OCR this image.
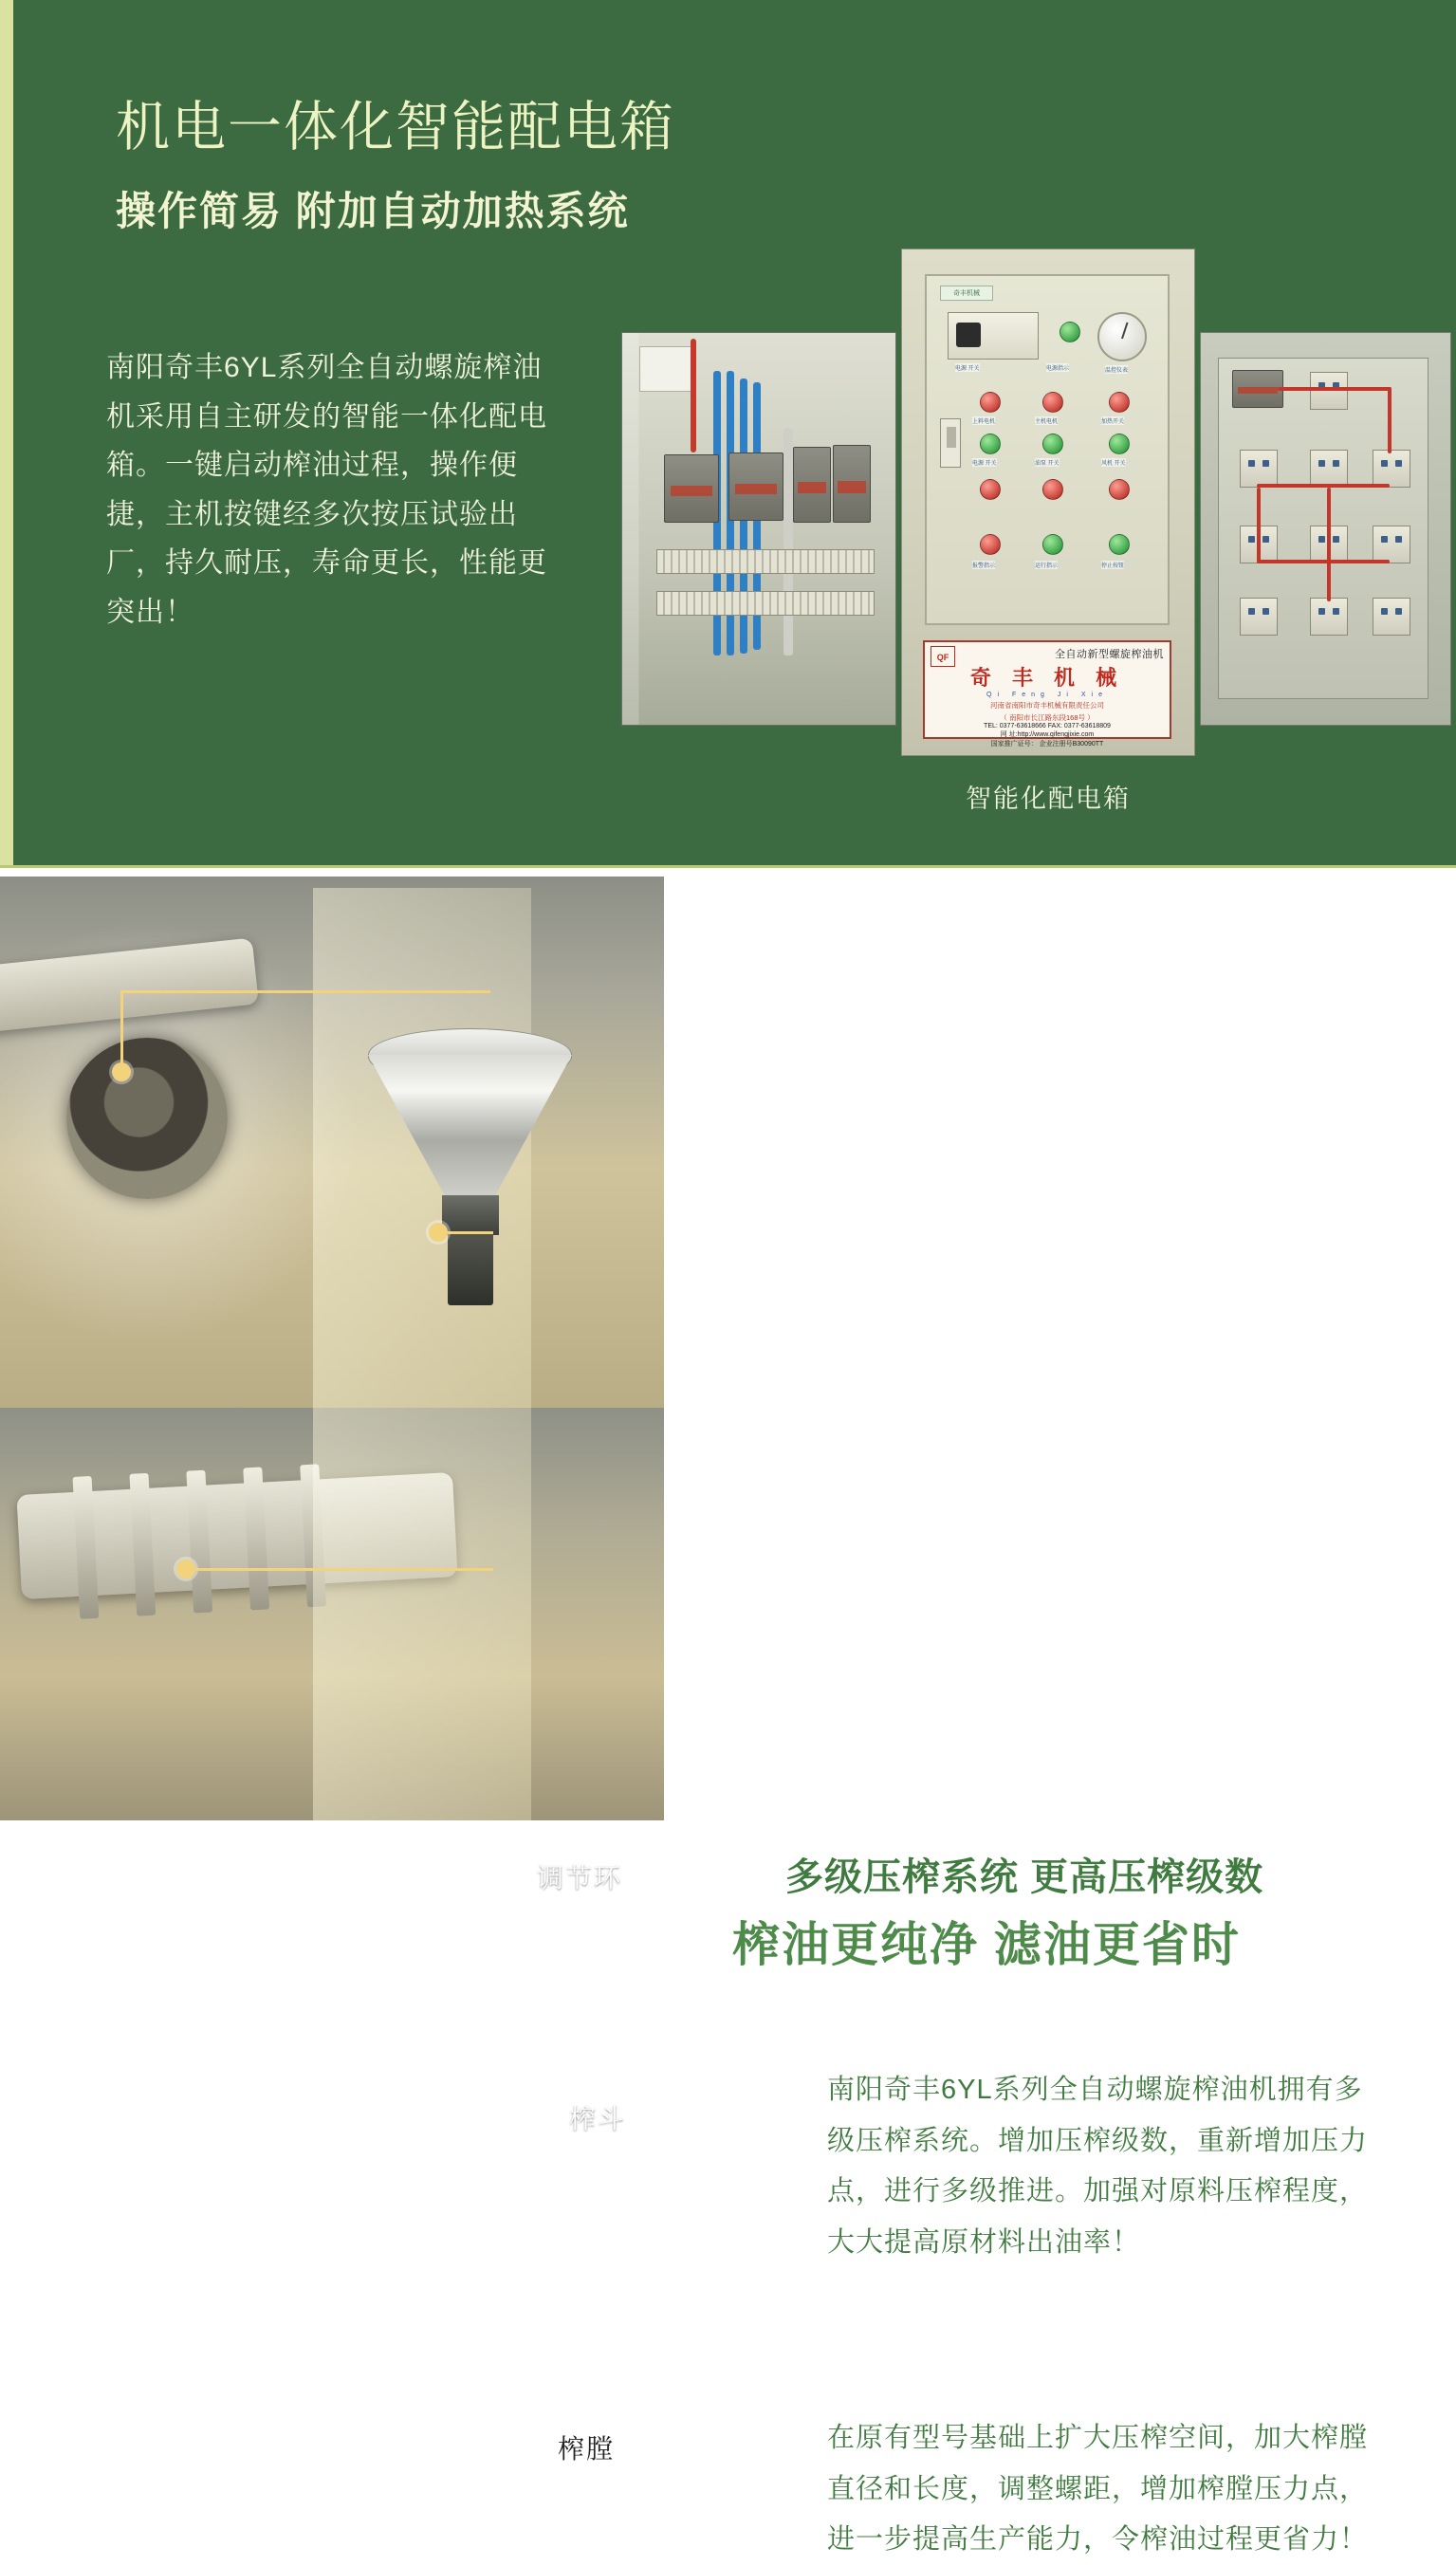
机电一体化智能配电箱
操作简易 附加自动加热系统

南阳奇丰6YL系列全自动螺旋榨油机采用自主研发的智能一体化配电箱。一键启动榨油过程，操作便捷，主机按键经多次按压试验出厂，持久耐压，寿命更长，性能更突出！

奇丰机械
电源 开关	电源指示	温控仪表
上料电机	主机电机	加热开关
电源 开关	油泵 开关	风机 开关
报警指示	运行指示	停止按钮
QF	全自动新型螺旋榨油机
奇 丰 机 械
Qi Feng Ji Xie
河南省南阳市奇丰机械有限责任公司
（ 南阳市长江路东段168号 ）
TEL: 0377-63618666 FAX: 0377-63618809
网 址:http://www.qifengjixie.com
国家推广证号： 企业注册号B30090TT
智能化配电箱
调节环
榨斗
榨膛
多级压榨系统 更高压榨级数
榨油更纯净 滤油更省时

南阳奇丰6YL系列全自动螺旋榨油机拥有多级压榨系统。增加压榨级数，重新增加压力点，进行多级推进。加强对原料压榨程度，大大提高原材料出油率！

在原有型号基础上扩大压榨空间，加大榨膛直径和长度，调整螺距，增加榨膛压力点，进一步提高生产能力，令榨油过程更省力！
